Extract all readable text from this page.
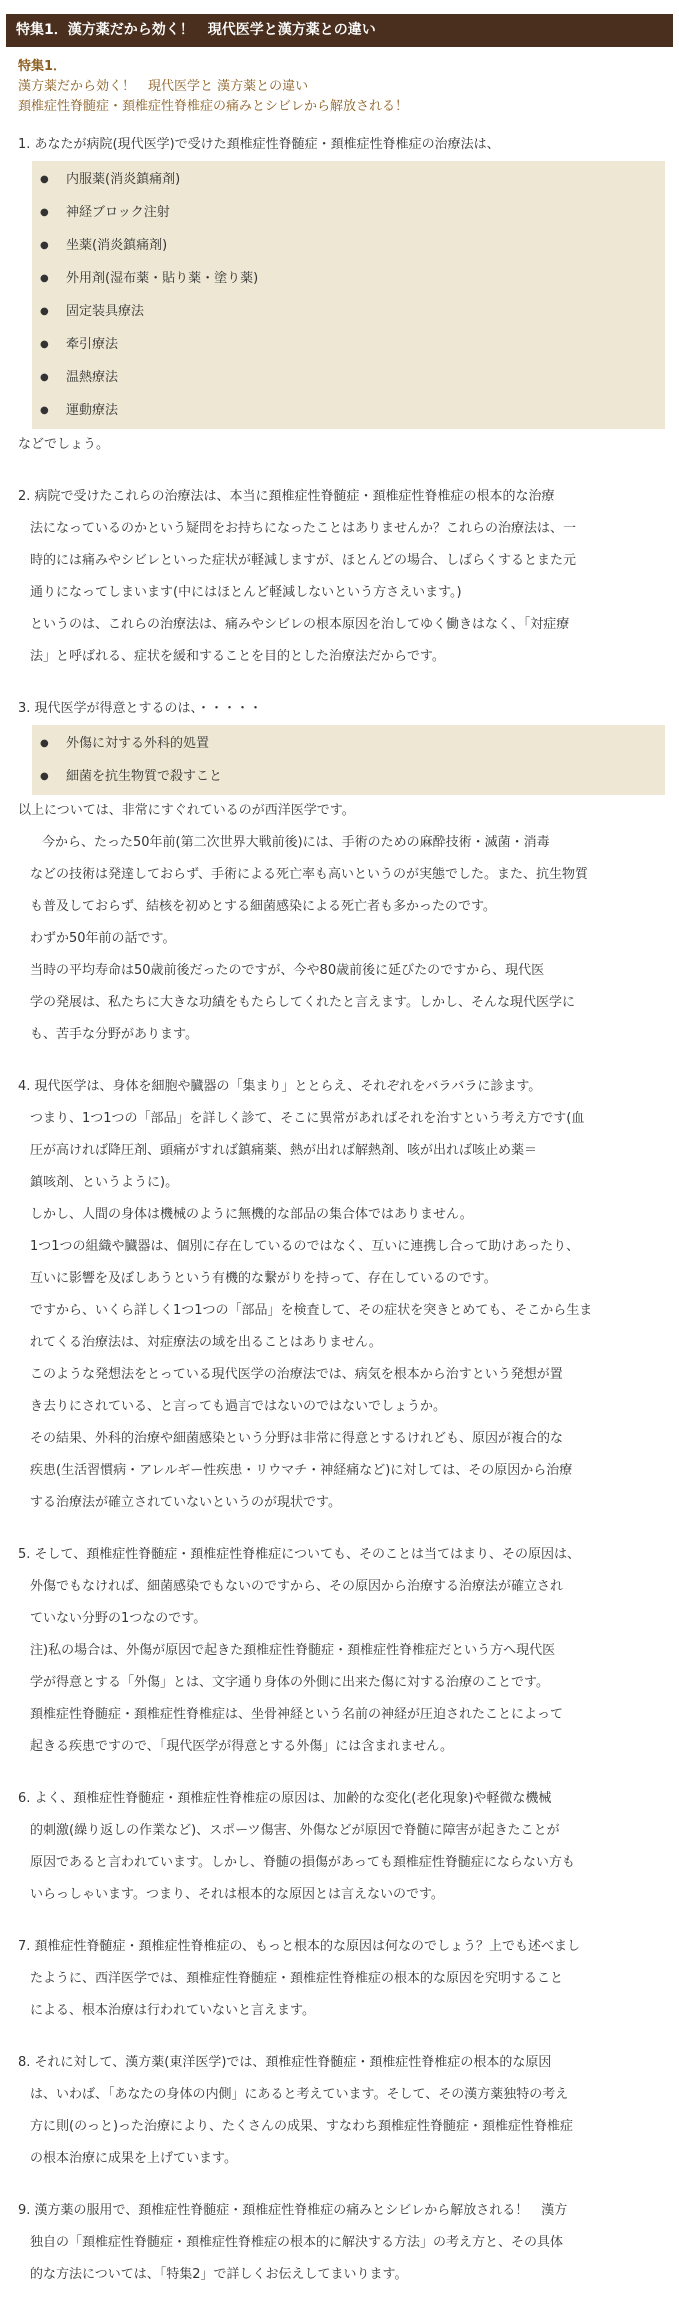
特集1．漢方薬だから効く！　現代医学と漢方薬との違い
特集1．
漢方薬だから効く！　現代医学と 漢方薬との違い
頚椎症性脊髄症・頚椎症性脊椎症の痛みとシビレから解放される！

1. あなたが病院(現代医学)で受けた頚椎症性脊髄症・頚椎症性脊椎症の治療法は、

● 内服薬(消炎鎮痛剤)
● 神経ブロック注射
● 坐薬(消炎鎮痛剤)
● 外用剤(湿布薬・貼り薬・塗り薬)
● 固定装具療法
● 牽引療法
● 温熱療法
● 運動療法

などでしょう。

2. 病院で受けたこれらの治療法は、本当に頚椎症性脊髄症・頚椎症性脊椎症の根本的な治療

法になっているのかという疑問をお持ちになったことはありませんか？これらの治療法は、一

時的には痛みやシビレといった症状が軽減しますが、ほとんどの場合、しばらくするとまた元

通りになってしまいます(中にはほとんど軽減しないという方さえいます。)

というのは、これらの治療法は、痛みやシビレの根本原因を治してゆく働きはなく、「対症療

法」と呼ばれる、症状を緩和することを目的とした治療法だからです。

3. 現代医学が得意とするのは、・・・・・

● 外傷に対する外科的処置
● 細菌を抗生物質で殺すこと

以上については、非常にすぐれているのが西洋医学です。

今から、たった50年前(第二次世界大戦前後)には、手術のための麻酔技術・滅菌・消毒

などの技術は発達しておらず、手術による死亡率も高いというのが実態でした。また、抗生物質

も普及しておらず、結核を初めとする細菌感染による死亡者も多かったのです。

わずか50年前の話です。

当時の平均寿命は50歳前後だったのですが、今や80歳前後に延びたのですから、現代医

学の発展は、私たちに大きな功績をもたらしてくれたと言えます。しかし、そんな現代医学に

も、苦手な分野があります。

4. 現代医学は、身体を細胞や臓器の「集まり」ととらえ、それぞれをバラバラに診ます。

つまり、1つ1つの「部品」を詳しく診て、そこに異常があればそれを治すという考え方です(血

圧が高ければ降圧剤、頭痛がすれば鎮痛薬、熱が出れば解熱剤、咳が出れば咳止め薬＝

鎮咳剤、というように)。

しかし、人間の身体は機械のように無機的な部品の集合体ではありません。

1つ1つの組織や臓器は、個別に存在しているのではなく、互いに連携し合って助けあったり、

互いに影響を及ぼしあうという有機的な繋がりを持って、存在しているのです。

ですから、いくら詳しく1つ1つの「部品」を検査して、その症状を突きとめても、そこから生ま

れてくる治療法は、対症療法の域を出ることはありません。

このような発想法をとっている現代医学の治療法では、病気を根本から治すという発想が置

き去りにされている、と言っても過言ではないのではないでしょうか。

その結果、外科的治療や細菌感染という分野は非常に得意とするけれども、原因が複合的な

疾患(生活習慣病・アレルギー性疾患・リウマチ・神経痛など)に対しては、その原因から治療

する治療法が確立されていないというのが現状です。

5. そして、頚椎症性脊髄症・頚椎症性脊椎症についても、そのことは当てはまり、その原因は、

外傷でもなければ、細菌感染でもないのですから、その原因から治療する治療法が確立され

ていない分野の1つなのです。

注)私の場合は、外傷が原因で起きた頚椎症性脊髄症・頚椎症性脊椎症だという方へ現代医

学が得意とする「外傷」とは、文字通り身体の外側に出来た傷に対する治療のことです。

頚椎症性脊髄症・頚椎症性脊椎症は、坐骨神経という名前の神経が圧迫されたことによって

起きる疾患ですので、「現代医学が得意とする外傷」には含まれません。

6. よく、頚椎症性脊髄症・頚椎症性脊椎症の原因は、加齢的な変化(老化現象)や軽微な機械

的刺激(繰り返しの作業など)、スポーツ傷害、外傷などが原因で脊髄に障害が起きたことが

原因であると言われています。しかし、脊髄の損傷があっても頚椎症性脊髄症にならない方も

いらっしゃいます。つまり、それは根本的な原因とは言えないのです。

7. 頚椎症性脊髄症・頚椎症性脊椎症の、もっと根本的な原因は何なのでしょう？上でも述べまし

たように、西洋医学では、頚椎症性脊髄症・頚椎症性脊椎症の根本的な原因を究明すること

による、根本治療は行われていないと言えます。

8. それに対して、漢方薬(東洋医学)では、頚椎症性脊髄症・頚椎症性脊椎症の根本的な原因

は、いわば、「あなたの身体の内側」にあると考えています。そして、その漢方薬独特の考え

方に則(のっと)った治療により、たくさんの成果、すなわち頚椎症性脊髄症・頚椎症性脊椎症

の根本治療に成果を上げています。

9. 漢方薬の服用で、頚椎症性脊髄症・頚椎症性脊椎症の痛みとシビレから解放される！　漢方

独自の「頚椎症性脊髄症・頚椎症性脊椎症の根本的に解決する方法」の考え方と、その具体

的な方法については、「特集2」で詳しくお伝えしてまいります。
